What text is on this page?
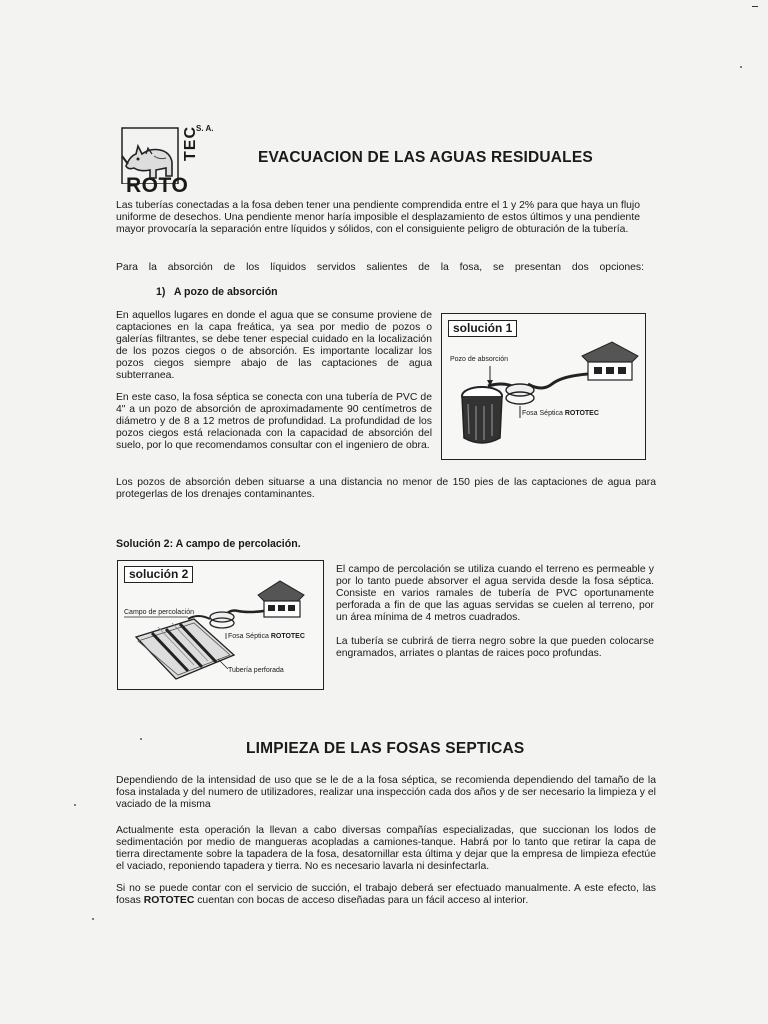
TEC
S. A.
ROTO
EVACUACION DE LAS AGUAS RESIDUALES

Las tuberías conectadas a la fosa deben tener una pendiente comprendida entre el 1 y 2% para que haya un flujo uniforme de desechos. Una pendiente menor haría imposible el desplazamiento de estos últimos y una pendiente mayor provocaría la separación entre líquidos y sólidos, con el consiguiente peligro de obturación de la tubería.

Para la absorción de los líquidos servidos salientes de la fosa, se presentan dos opciones:

1)   A pozo de absorción

En aquellos lugares en donde el agua que se consume proviene de captaciones en la capa freática, ya sea por medio de pozos o galerías filtrantes, se debe tener especial cuidado en la localización de los pozos ciegos o de absorción. Es importante localizar los pozos ciegos siempre abajo de las captaciones de agua subterranea.

En este caso, la fosa séptica se conecta con una tubería de PVC de 4" a un pozo de absorción de aproximadamente 90 centímetros de diámetro y de 8 a 12 metros de profundidad. La profundidad de los pozos ciegos está relacionada con la capacidad de absorción del suelo, por lo que recomendamos consultar con el ingeniero de obra.

solución 1
Pozo de absorción
Fosa Séptica ROTOTEC

Los pozos de absorción deben situarse a una distancia no menor de 150 pies de las captaciones de agua para protegerlas de los drenajes contaminantes.

Solución 2: A campo de percolación.
solución 2
Campo de percolación
Fosa Séptica ROTOTEC
Tubería perforada

El campo de percolación se utiliza cuando el terreno es permeable y por lo tanto puede absorver el agua servida desde la fosa séptica. Consiste en varios ramales de tubería de PVC oportunamente perforada a fin de que las aguas servidas se cuelen al terreno, por un área mínima de 4 metros cuadrados.

La tubería se cubrirá de tierra negro sobre la que pueden colocarse engramados, arriates o plantas de raices poco profundas.

LIMPIEZA DE LAS FOSAS SEPTICAS

Dependiendo de la intensidad de uso que se le de a la fosa séptica, se recomienda dependiendo del tamaño de la fosa instalada y del numero de utilizadores, realizar una inspección cada dos años y de ser necesario la limpieza y el vaciado de la misma

Actualmente esta operación la llevan a cabo diversas compañías especializadas, que succionan los lodos de sedimentación por medio de mangueras acopladas a camiones-tanque. Habrá por lo tanto que retirar la capa de tierra directamente sobre la tapadera de la fosa, desatornillar esta última y dejar que la empresa de limpieza efectúe el vaciado, reponiendo tapadera y tierra. No es necesario lavarla ni desinfectarla.

Si no se puede contar con el servicio de succión, el trabajo deberá ser efectuado manualmente. A este efecto, las fosas ROTOTEC cuentan con bocas de acceso diseñadas para un fácil acceso al interior.
